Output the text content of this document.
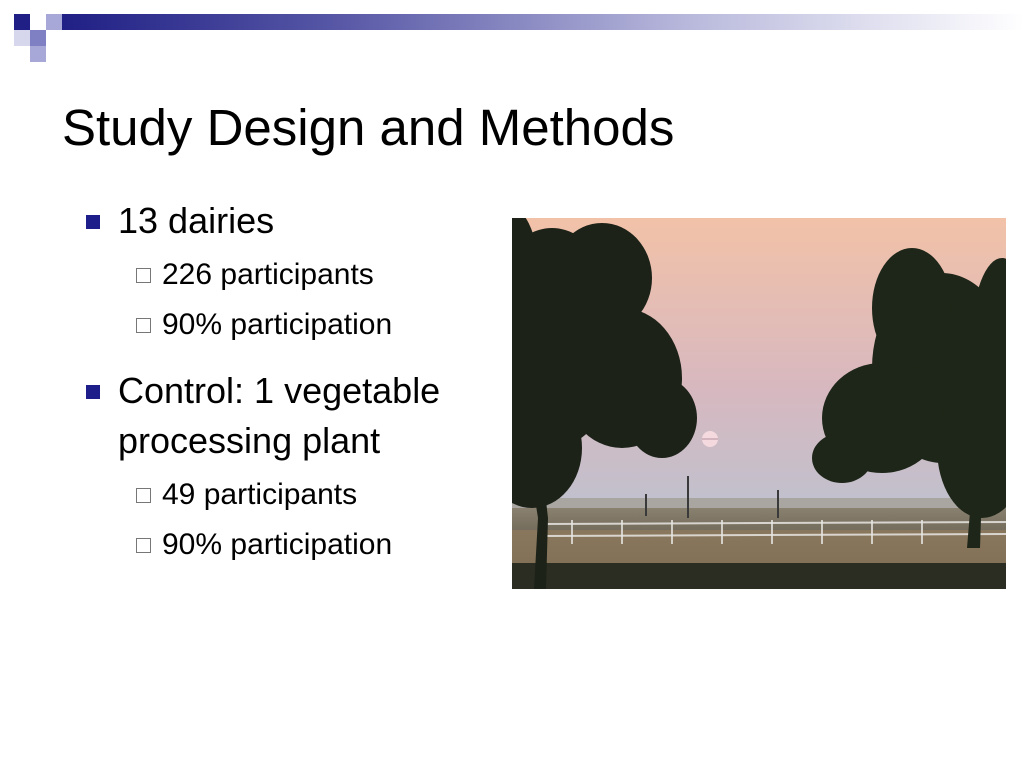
Study Design and Methods
13 dairies
226 participants
90% participation
Control: 1 vegetable
processing plant
49 participants
90% participation
